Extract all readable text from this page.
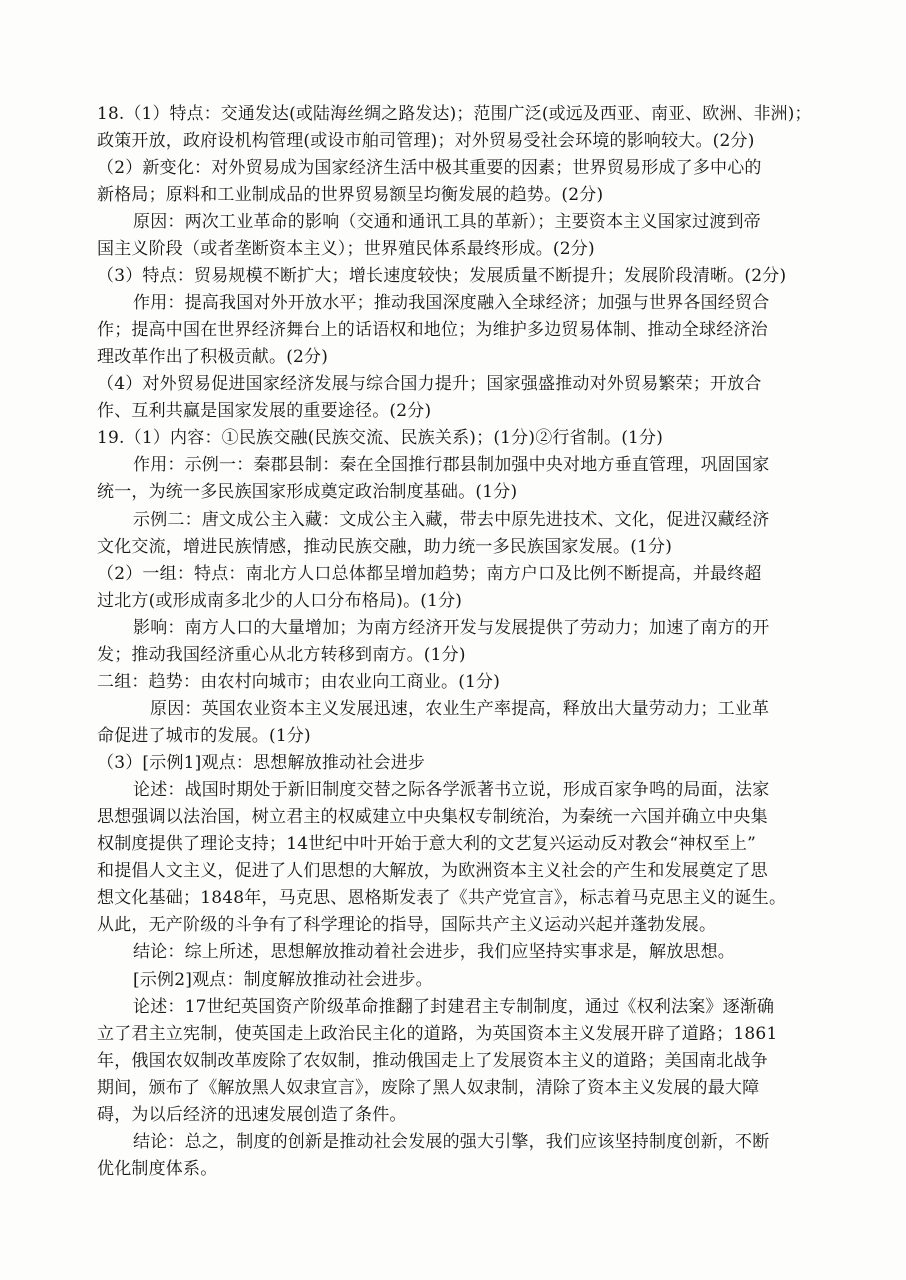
18.（1）特点：交通发达(或陆海丝绸之路发达)；范围广泛(或远及西亚、南亚、欧洲、非洲)；
政策开放，政府设机构管理(或设市舶司管理)；对外贸易受社会环境的影响较大。(2分)
（2）新变化：对外贸易成为国家经济生活中极其重要的因素；世界贸易形成了多中心的
新格局；原料和工业制成品的世界贸易额呈均衡发展的趋势。(2分)
原因：两次工业革命的影响（交通和通讯工具的革新）；主要资本主义国家过渡到帝
国主义阶段（或者垄断资本主义）；世界殖民体系最终形成。(2分)
（3）特点：贸易规模不断扩大；增长速度较快；发展质量不断提升；发展阶段清晰。(2分)
作用：提高我国对外开放水平；推动我国深度融入全球经济；加强与世界各国经贸合
作；提高中国在世界经济舞台上的话语权和地位；为维护多边贸易体制、推动全球经济治
理改革作出了积极贡献。(2分)
（4）对外贸易促进国家经济发展与综合国力提升；国家强盛推动对外贸易繁荣；开放合
作、互利共赢是国家发展的重要途径。(2分)
19.（1）内容：①民族交融(民族交流、民族关系)；(1分)②行省制。(1分)
作用：示例一：秦郡县制：秦在全国推行郡县制加强中央对地方垂直管理，巩固国家
统一，为统一多民族国家形成奠定政治制度基础。(1分)
示例二：唐文成公主入藏：文成公主入藏，带去中原先进技术、文化，促进汉藏经济
文化交流，增进民族情感，推动民族交融，助力统一多民族国家发展。(1分)
（2）一组：特点：南北方人口总体都呈增加趋势；南方户口及比例不断提高，并最终超
过北方(或形成南多北少的人口分布格局)。(1分)
影响：南方人口的大量增加；为南方经济开发与发展提供了劳动力；加速了南方的开
发；推动我国经济重心从北方转移到南方。(1分)
二组：趋势：由农村向城市；由农业向工商业。(1分)
原因：英国农业资本主义发展迅速，农业生产率提高，释放出大量劳动力；工业革
命促进了城市的发展。(1分)
（3）[示例1]观点：思想解放推动社会进步
论述：战国时期处于新旧制度交替之际各学派著书立说，形成百家争鸣的局面，法家
思想强调以法治国，树立君主的权威建立中央集权专制统治，为秦统一六国并确立中央集
权制度提供了理论支持；14世纪中叶开始于意大利的文艺复兴运动反对教会“神权至上”
和提倡人文主义，促进了人们思想的大解放，为欧洲资本主义社会的产生和发展奠定了思
想文化基础；1848年，马克思、恩格斯发表了《共产党宣言》，标志着马克思主义的诞生。
从此，无产阶级的斗争有了科学理论的指导，国际共产主义运动兴起并蓬勃发展。
结论：综上所述，思想解放推动着社会进步，我们应坚持实事求是，解放思想。
[示例2]观点：制度解放推动社会进步。
论述：17世纪英国资产阶级革命推翻了封建君主专制制度，通过《权利法案》逐渐确
立了君主立宪制，使英国走上政治民主化的道路，为英国资本主义发展开辟了道路；1861
年，俄国农奴制改革废除了农奴制，推动俄国走上了发展资本主义的道路；美国南北战争
期间，颁布了《解放黑人奴隶宣言》，废除了黑人奴隶制，清除了资本主义发展的最大障
碍，为以后经济的迅速发展创造了条件。
结论：总之，制度的创新是推动社会发展的强大引擎，我们应该坚持制度创新，不断
优化制度体系。
